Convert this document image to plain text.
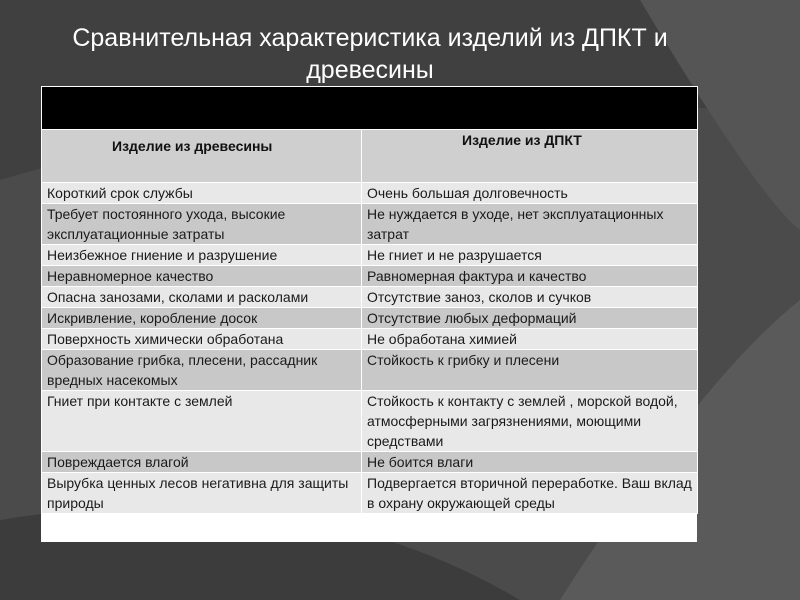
Сравнительная характеристика изделий из ДПКТ и
древесины

Изделие из древесины	Изделие из ДПКТ
Короткий срок службы	Очень большая долговечность
Требует постоянного ухода, высокие эксплуатационные затраты	Не нуждается в уходе, нет эксплуатационных затрат
Неизбежное гниение и разрушение	Не гниет и не разрушается
Неравномерное качество	Равномерная фактура и качество
Опасна занозами, сколами и расколами	Отсутствие заноз, сколов и сучков
Искривление, коробление досок	Отсутствие любых деформаций
Поверхность химически обработана	Не обработана химией
Образование грибка, плесени, рассадник вредных насекомых	Стойкость к грибку и плесени
Гниет при контакте с землей	Стойкость к контакту с землей , морской водой, атмосферными загрязнениями, моющими средствами
Повреждается влагой	Не боится влаги
Вырубка ценных лесов негативна для защиты природы	Подвергается вторичной переработке. Ваш вклад в охрану окружающей среды
